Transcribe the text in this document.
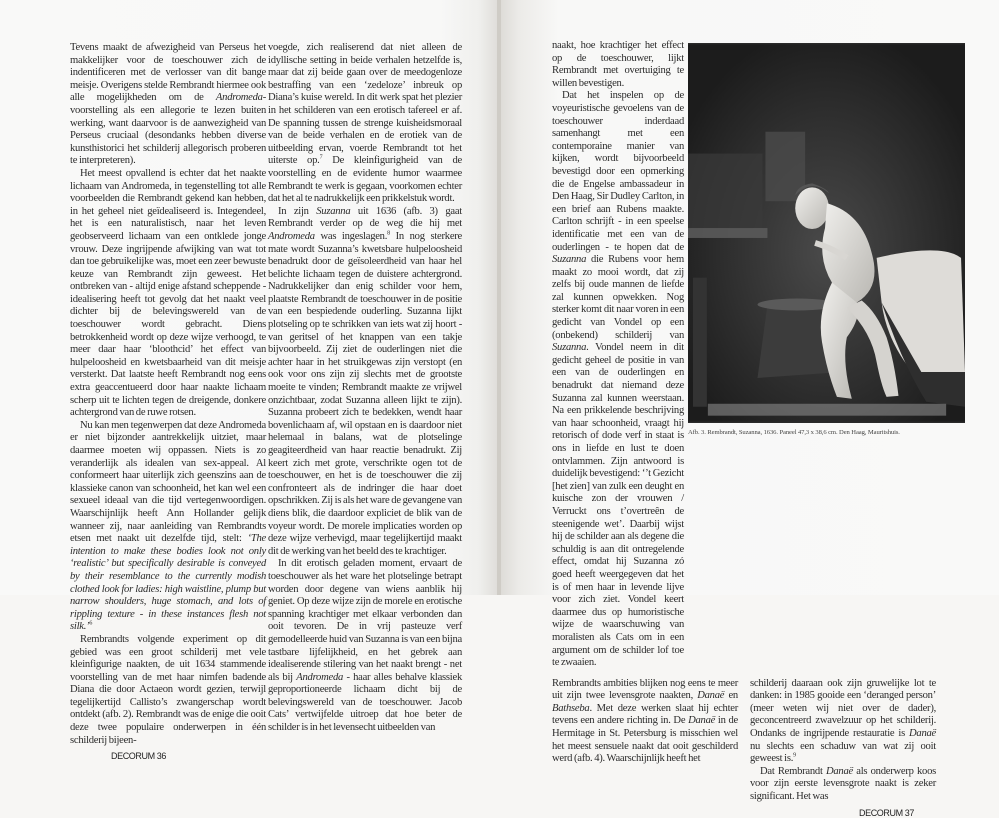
Tevens maakt de afwezigheid van Perseus het makkelijker voor de toeschouwer zich de indentificeren met de verlosser van dit bange meisje. Overigens stelde Rembrandt hiermee ook alle mogelijkheden om de Andromeda-voorstelling als een allegorie te lezen buiten werking, want daarvoor is de aanwezigheid van Perseus cruciaal (desondanks hebben diverse kunsthistorici het schilderij allegorisch proberen te interpreteren).

Het meest opvallend is echter dat het naakte lichaam van Andromeda, in tegenstelling tot alle voorbeelden die Rembrandt gekend kan hebben, in het geheel niet geïdealiseerd is. Integendeel, het is een naturalistisch, naar het leven geobserveerd lichaam van een ontklede jonge vrouw. Deze ingrijpende afwijking van wat tot dan toe gebruikelijke was, moet een zeer bewuste keuze van Rembrandt zijn geweest. Het ontbreken van - altijd enige afstand scheppende - idealisering heeft tot gevolg dat het naakt veel dichter bij de belevingswereld van de toeschouwer wordt gebracht. Diens betrokkenheid wordt op deze wijze verhoogd, te meer daar haar ‘bloothcid’ het effect van hulpeloosheid en kwetsbaarheid van dit meisje versterkt. Dat laatste heeft Rembrandt nog eens extra geaccentueerd door haar naakte lichaam scherp uit te lichten tegen de dreigende, donkere achtergrond van de ruwe rotsen.

Nu kan men tegenwerpen dat deze Andromeda er niet bijzonder aantrekkelijk uitziet, maar daarmee moeten wij oppassen. Niets is zo veranderlijk als idealen van sex-appeal. Al conformeert haar uiterlijk zich geenszins aan de klassieke canon van schoonheid, het kan wel een sexueel ideaal van die tijd vertegenwoordigen. Waarschijnlijk heeft Ann Hollander gelijk wanneer zij, naar aanleiding van Rembrandts etsen met naakt uit dezelfde tijd, stelt: ‘The intention to make these bodies look not only ‘realistic’ but specifically desirable is conveyed by their resemblance to the currently modish clothed look for ladies: high waistline, plump but narrow shoulders, huge stomach, and lots of rippling texture - in these instances flesh not silk.’$^6$

Rembrandts volgende experiment op dit gebied was een groot schilderij met vele kleinfigurige naakten, de uit 1634 stammende voorstelling van de met haar nimfen badende Diana die door Actaeon wordt gezien, terwijl tegelijkertijd Callisto’s zwangerschap wordt ontdekt (afb. 2). Rembrandt was de enige die ooit deze twee populaire onderwerpen in één schilderij bijeen-

voegde, zich realiserend dat niet alleen de idyllische setting in beide verhalen hetzelfde is, maar dat zij beide gaan over de meedogenloze bestraffing van een ‘zedeloze’ inbreuk op Diana’s kuise wereld. In dit werk spat het plezier in het schilderen van een erotisch tafereel er af. De spanning tussen de strenge kuisheidsmoraal van de beide verhalen en de erotiek van de uitbeelding ervan, voerde Rembrandt tot het uiterste op.$^7$ De kleinfigurigheid van de voorstelling en de evidente humor waarmee Rembrandt te werk is gegaan, voorkomen echter dat het al te nadrukkelijk een prikkelstuk wordt.

In zijn Suzanna uit 1636 (afb. 3) gaat Rembrandt verder op de weg die hij met Andromeda was ingeslagen.$^8$ In nog sterkere mate wordt Suzanna’s kwetsbare hulpeloosheid benadrukt door de geïsoleerdheid van haar hel belichte lichaam tegen de duistere achtergrond. Nadrukkelijker dan enig schilder voor hem, plaatste Rembrandt de toeschouwer in de positie van een bespiedende ouderling. Suzanna lijkt plotseling op te schrikken van iets wat zij hoort - van geritsel of het knappen van een takje bijvoorbeeld. Zij ziet de ouderlingen niet die achter haar in het struikgewas zijn verstopt (en ook voor ons zijn zij slechts met de grootste moeite te vinden; Rembrandt maakte ze vrijwel onzichtbaar, zodat Suzanna alleen lijkt te zijn). Suzanna probeert zich te bedekken, wendt haar bovenlichaam af, wil opstaan en is daardoor niet helemaal in balans, wat de plotselinge geagiteerdheid van haar reactie benadrukt. Zij keert zich met grote, verschrikte ogen tot de toeschouwer, en het is de toeschouwer die zij confronteert als de indringer die haar doet opschrikken. Zij is als het ware de gevangene van diens blik, die daardoor expliciet de blik van de voyeur wordt. De morele implicaties worden op deze wijze verhevigd, maar tegelijkertijd maakt dit de werking van het beeld des te krachtiger.

In dit erotisch geladen moment, ervaart de toeschouwer als het ware het plotselinge betrapt worden door degene van wiens aanblik hij geniet. Op deze wijze zijn de morele en erotische spanning krachtiger met elkaar verbonden dan ooit tevoren. De in vrij pasteuze verf gemodelleerde huid van Suzanna is van een bijna tastbare lijfelijkheid, en het gebrek aan idealiserende stilering van het naakt brengt - net als bij Andromeda - haar alles behalve klassiek geproportioneerde lichaam dicht bij de belevingswereld van de toeschouwer. Jacob Cats’ vertwijfelde uitroep dat hoe beter de schilder is in het levensecht uitbeelden van

DECORUM 36

naakt, hoe krachtiger het effect op de toeschouwer, lijkt Rembrandt met overtuiging te willen bevestigen.

Dat het inspelen op de voyeuristische gevoelens van de toeschouwer inderdaad samenhangt met een contemporaine manier van kijken, wordt bijvoorbeeld bevestigd door een opmerking die de Engelse ambassadeur in Den Haag, Sir Dudley Carlton, in een brief aan Rubens maakte. Carlton schrijft - in een speelse identificatie met een van de ouderlingen - te hopen dat de Suzanna die Rubens voor hem maakt zo mooi wordt, dat zij zelfs bij oude mannen de liefde zal kunnen opwekken. Nog sterker komt dit naar voren in een gedicht van Vondel op een (onbekend) schilderij van Suzanna. Vondel neem in dit gedicht geheel de positie in van een van de ouderlingen en benadrukt dat niemand deze Suzanna zal kunnen weerstaan. Na een prikkelende beschrijving van haar schoonheid, vraagt hij retorisch of dode verf in staat is ons in liefde en lust te doen ontvlammen. Zijn antwoord is duidelijk bevestigend: ‘’t Gezicht [het zien] van zulk een deught en kuische zon der vrouwen / Verruckt ons t’overtreên de steenigende wet’. Daarbij wijst hij de schilder aan als degene die schuldig is aan dit ontregelende effect, omdat hij Suzanna zó goed heeft weergegeven dat het is of men haar in levende lijve voor zich ziet. Vondel keert daarmee dus op humoristische wijze de waarschuwing van moralisten als Cats om in een argument om de schilder lof toe te zwaaien.

Rembrandts ambities blijken nog eens te meer uit zijn twee levensgrote naakten, Danaë en Bathseba. Met deze werken slaat hij echter tevens een andere richting in. De Danaë in de Hermitage in St. Petersburg is misschien wel het meest sensuele naakt dat ooit geschilderd werd (afb. 4). Waarschijnlijk heeft het

schilderij daaraan ook zijn gruwelijke lot te danken: in 1985 gooide een ‘deranged person’ (meer weten wij niet over de dader), geconcentreerd zwavelzuur op het schilderij. Ondanks de ingrijpende restauratie is Danaë nu slechts een schaduw van wat zij ooit geweest is.$^9$

Dat Rembrandt Danaë als onderwerp koos voor zijn eerste levensgrote naakt is zeker significant. Het was

Afb. 3. Rembrandt, Suzanna, 1636. Paneel 47,3 x 38,6 cm. Den Haag, Mauritshuis.
DECORUM 37
